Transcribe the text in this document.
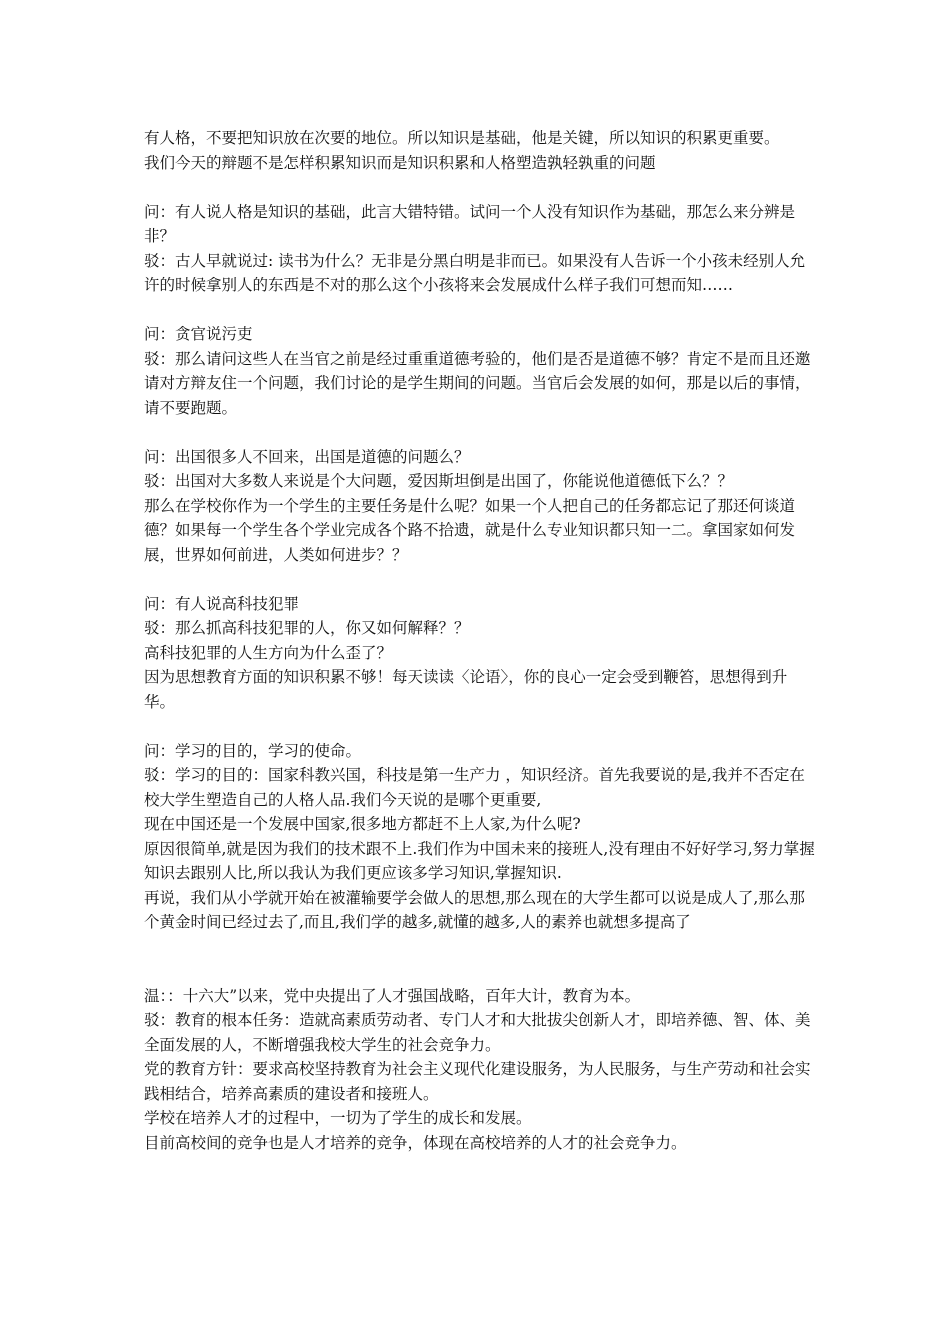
有人格，不要把知识放在次要的地位。所以知识是基础，他是关键，所以知识的积累更重要。

我们今天的辩题不是怎样积累知识而是知识积累和人格塑造孰轻孰重的问题

问：有人说人格是知识的基础，此言大错特错。试问一个人没有知识作为基础，那怎么来分辨是非？

驳：古人早就说过: 读书为什么？无非是分黑白明是非而已。如果没有人告诉一个小孩未经别人允许的时候拿别人的东西是不对的那么这个小孩将来会发展成什么样子我们可想而知……

问：贪官说污吏

驳：那么请问这些人在当官之前是经过重重道德考验的，他们是否是道德不够？肯定不是而且还邀请对方辩友住一个问题，我们讨论的是学生期间的问题。当官后会发展的如何，那是以后的事情，请不要跑题。

问：出国很多人不回来，出国是道德的问题么？

驳：出国对大多数人来说是个大问题，爱因斯坦倒是出国了，你能说他道德低下么？？

那么在学校你作为一个学生的主要任务是什么呢？如果一个人把自己的任务都忘记了那还何谈道德？如果每一个学生各个学业完成各个路不拾遗，就是什么专业知识都只知一二。拿国家如何发展，世界如何前进，人类如何进步？？

问：有人说高科技犯罪

驳：那么抓高科技犯罪的人，你又如何解释？？

高科技犯罪的人生方向为什么歪了？

因为思想教育方面的知识积累不够！每天读读〈论语〉，你的良心一定会受到鞭笞，思想得到升华。

问：学习的目的，学习的使命。

驳：学习的目的：国家科教兴国，科技是第一生产力 ，知识经济。首先我要说的是,我并不否定在校大学生塑造自己的人格人品.我们今天说的是哪个更重要,

现在中国还是一个发展中国家,很多地方都赶不上人家,为什么呢?

原因很简单,就是因为我们的技术跟不上.我们作为中国未来的接班人,没有理由不好好学习,努力掌握知识去跟别人比,所以我认为我们更应该多学习知识,掌握知识.

再说，我们从小学就开始在被灌输要学会做人的思想,那么现在的大学生都可以说是成人了,那么那个黄金时间已经过去了,而且,我们学的越多,就懂的越多,人的素养也就想多提高了

温：：十六大”以来，党中央提出了人才强国战略，百年大计，教育为本。

驳：教育的根本任务：造就高素质劳动者、专门人才和大批拔尖创新人才，即培养德、智、体、美全面发展的人，不断增强我校大学生的社会竞争力。

党的教育方针：要求高校坚持教育为社会主义现代化建设服务，为人民服务，与生产劳动和社会实践相结合，培养高素质的建设者和接班人。

学校在培养人才的过程中，一切为了学生的成长和发展。

目前高校间的竞争也是人才培养的竞争，体现在高校培养的人才的社会竞争力。
